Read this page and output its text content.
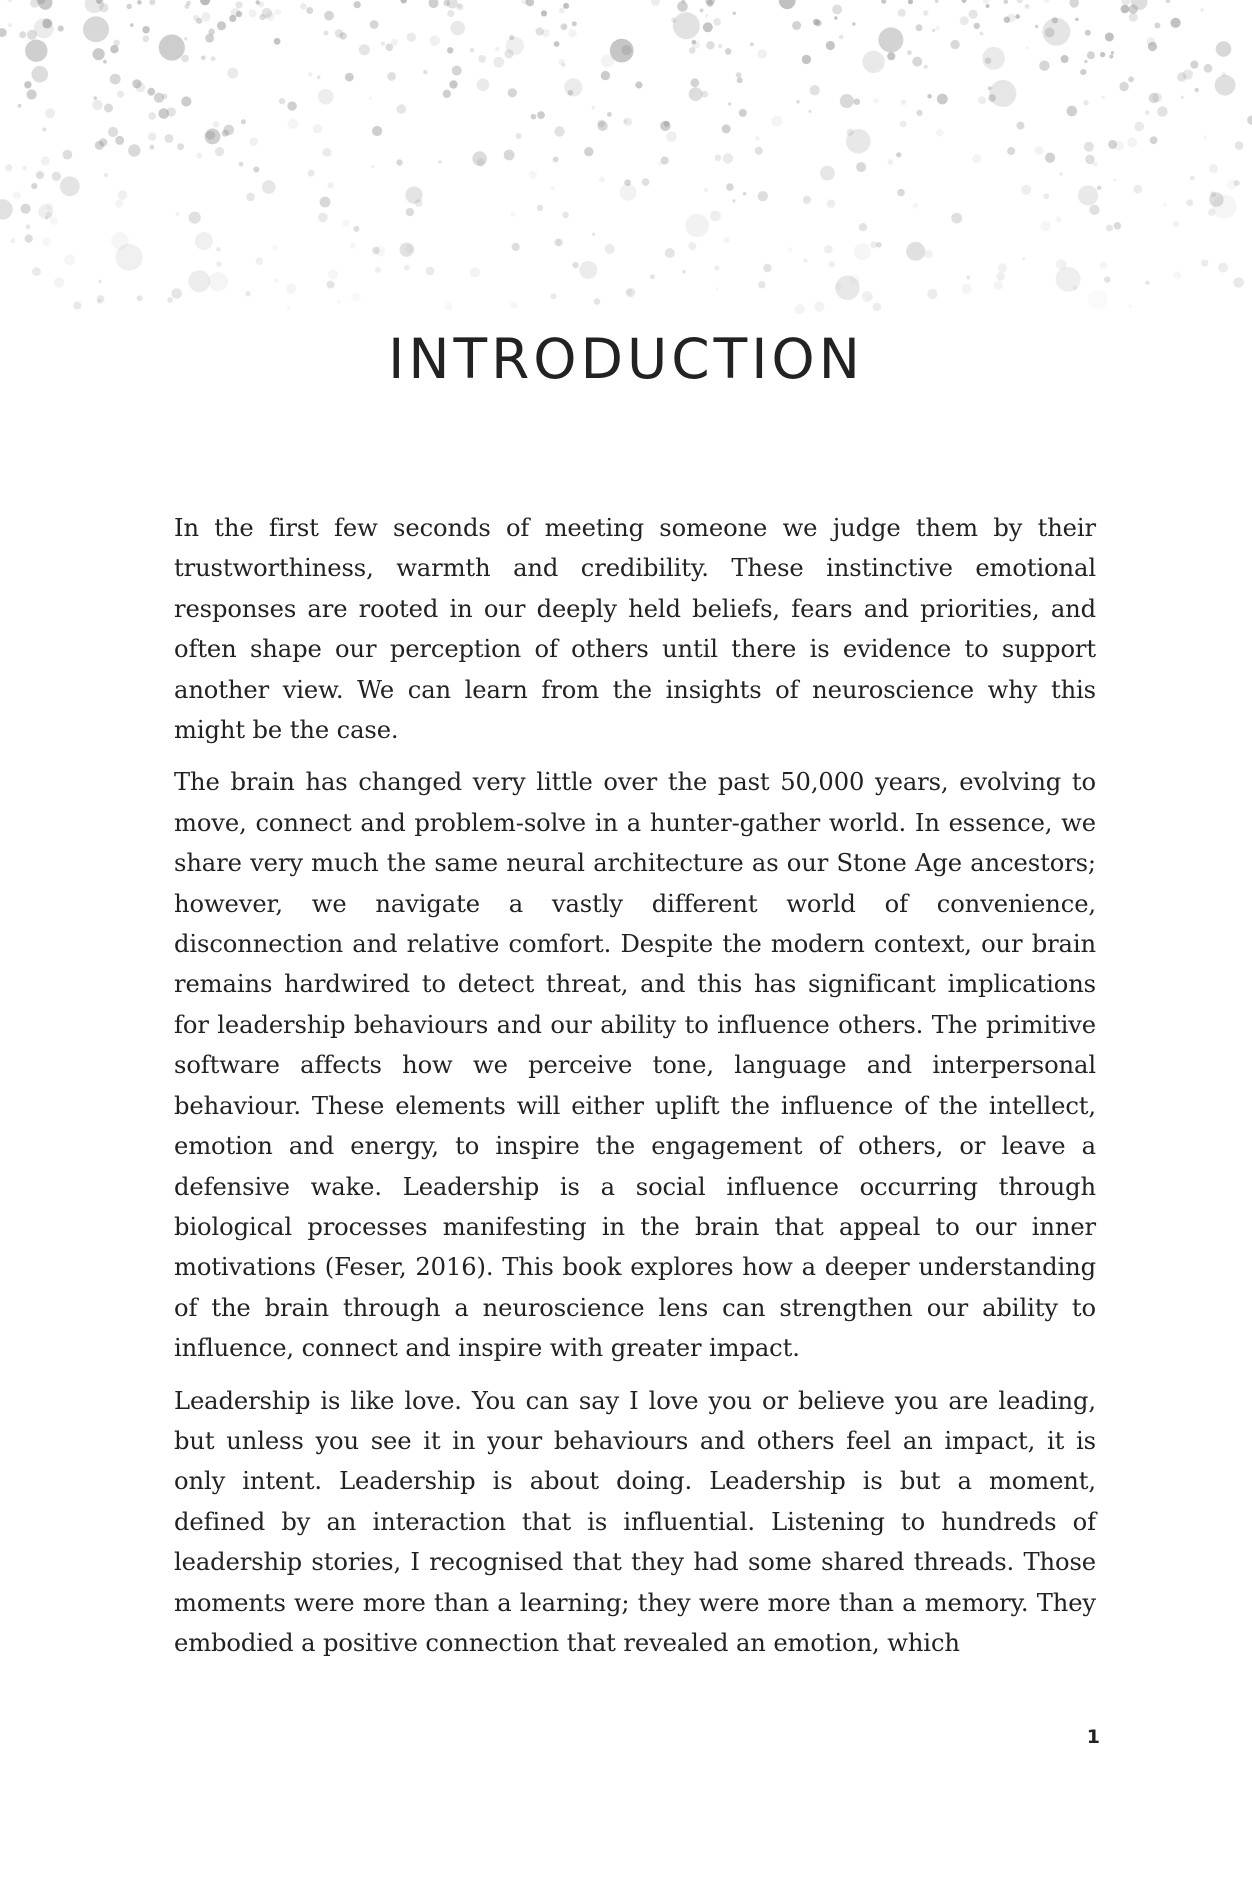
INTRODUCTION

In the first few seconds of meeting someone we judge them by their trustworthiness, warmth and credibility. These instinctive emotional responses are rooted in our deeply held beliefs, fears and priorities, and often shape our perception of others until there is evidence to support another view. We can learn from the insights of neuroscience why this might be the case.

The brain has changed very little over the past 50,000 years, evolving to move, connect and problem-solve in a hunter-gather world. In essence, we share very much the same neural architecture as our Stone Age ancestors; however, we navigate a vastly different world of convenience, disconnection and relative comfort. Despite the modern context, our brain remains hardwired to detect threat, and this has significant implications for leadership behaviours and our ability to influence others. The primitive software affects how we perceive tone, language and interpersonal behaviour. These elements will either uplift the influence of the intellect, emotion and energy, to inspire the engagement of others, or leave a defensive wake. Leadership is a social influence occurring through biological processes manifesting in the brain that appeal to our inner motivations (Feser, 2016). This book explores how a deeper understanding of the brain through a neuroscience lens can strengthen our ability to influence, connect and inspire with greater impact.

Leadership is like love. You can say I love you or believe you are leading, but unless you see it in your behaviours and others feel an impact, it is only intent. Leadership is about doing. Leadership is but a moment, defined by an interaction that is influential. Listening to hundreds of leadership stories, I recognised that they had some shared threads. Those moments were more than a learning; they were more than a memory. They embodied a positive connection that revealed an emotion, which

1
